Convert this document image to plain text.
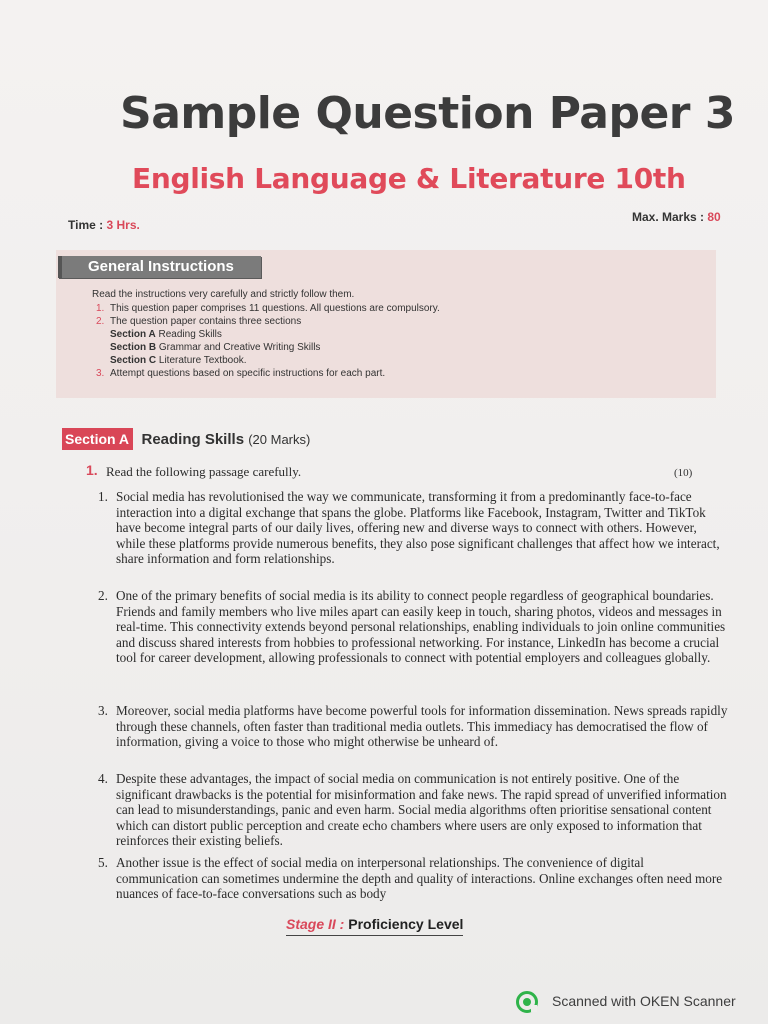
Sample Question Paper 3
English Language & Literature 10th
Time : 3 Hrs.
Max. Marks : 80
General Instructions
Read the instructions very carefully and strictly follow them.
1. This question paper comprises 11 questions. All questions are compulsory.
2. The question paper contains three sections
Section A Reading Skills
Section B Grammar and Creative Writing Skills
Section C Literature Textbook.
3. Attempt questions based on specific instructions for each part.
Section A Reading Skills (20 Marks)
1. Read the following passage carefully.	(10)
1. Social media has revolutionised the way we communicate, transforming it from a predominantly face-to-face interaction into a digital exchange that spans the globe. Platforms like Facebook, Instagram, Twitter and TikTok have become integral parts of our daily lives, offering new and diverse ways to connect with others. However, while these platforms provide numerous benefits, they also pose significant challenges that affect how we interact, share information and form relationships.
2. One of the primary benefits of social media is its ability to connect people regardless of geographical boundaries. Friends and family members who live miles apart can easily keep in touch, sharing photos, videos and messages in real-time. This connectivity extends beyond personal relationships, enabling individuals to join online communities and discuss shared interests from hobbies to professional networking. For instance, LinkedIn has become a crucial tool for career development, allowing professionals to connect with potential employers and colleagues globally.
3. Moreover, social media platforms have become powerful tools for information dissemination. News spreads rapidly through these channels, often faster than traditional media outlets. This immediacy has democratised the flow of information, giving a voice to those who might otherwise be unheard of.
4. Despite these advantages, the impact of social media on communication is not entirely positive. One of the significant drawbacks is the potential for misinformation and fake news. The rapid spread of unverified information can lead to misunderstandings, panic and even harm. Social media algorithms often prioritise sensational content which can distort public perception and create echo chambers where users are only exposed to information that reinforces their existing beliefs.
5. Another issue is the effect of social media on interpersonal relationships. The convenience of digital communication can sometimes undermine the depth and quality of interactions. Online exchanges often need more nuances of face-to-face conversations such as body
Stage II : Proficiency Level
Scanned with OKEN Scanner
